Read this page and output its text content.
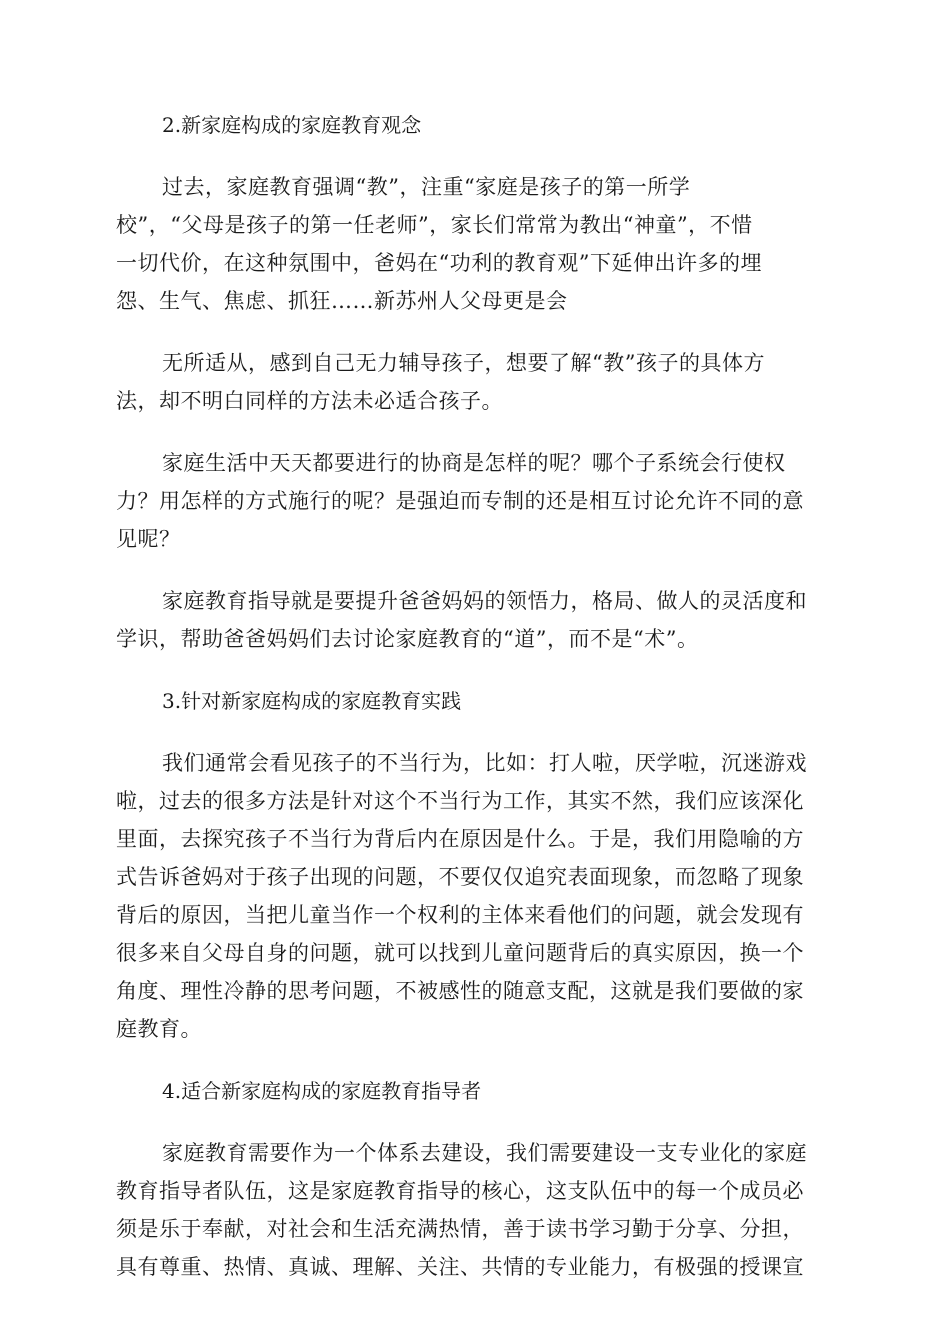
2.新家庭构成的家庭教育观念
过去，家庭教育强调“教”，注重“家庭是孩子的第一所学
校”，“父母是孩子的第一任老师”，家长们常常为教出“神童”，不惜
一切代价，在这种氛围中，爸妈在“功利的教育观”下延伸出许多的埋
怨、生气、焦虑、抓狂……新苏州人父母更是会
无所适从，感到自己无力辅导孩子，想要了解“教”孩子的具体方
法，却不明白同样的方法未必适合孩子。
家庭生活中天天都要进行的协商是怎样的呢？哪个子系统会行使权
力？用怎样的方式施行的呢？是强迫而专制的还是相互讨论允许不同的意
见呢？
家庭教育指导就是要提升爸爸妈妈的领悟力，格局、做人的灵活度和
学识，帮助爸爸妈妈们去讨论家庭教育的“道”，而不是“术”。
3.针对新家庭构成的家庭教育实践
我们通常会看见孩子的不当行为，比如：打人啦，厌学啦，沉迷游戏
啦，过去的很多方法是针对这个不当行为工作，其实不然，我们应该深化
里面，去探究孩子不当行为背后内在原因是什么。于是，我们用隐喻的方
式告诉爸妈对于孩子出现的问题，不要仅仅追究表面现象，而忽略了现象
背后的原因，当把儿童当作一个权利的主体来看他们的问题，就会发现有
很多来自父母自身的问题，就可以找到儿童问题背后的真实原因，换一个
角度、理性冷静的思考问题，不被感性的随意支配，这就是我们要做的家
庭教育。
4.适合新家庭构成的家庭教育指导者
家庭教育需要作为一个体系去建设，我们需要建设一支专业化的家庭
教育指导者队伍，这是家庭教育指导的核心，这支队伍中的每一个成员必
须是乐于奉献，对社会和生活充满热情，善于读书学习勤于分享、分担，
具有尊重、热情、真诚、理解、关注、共情的专业能力，有极强的授课宣
